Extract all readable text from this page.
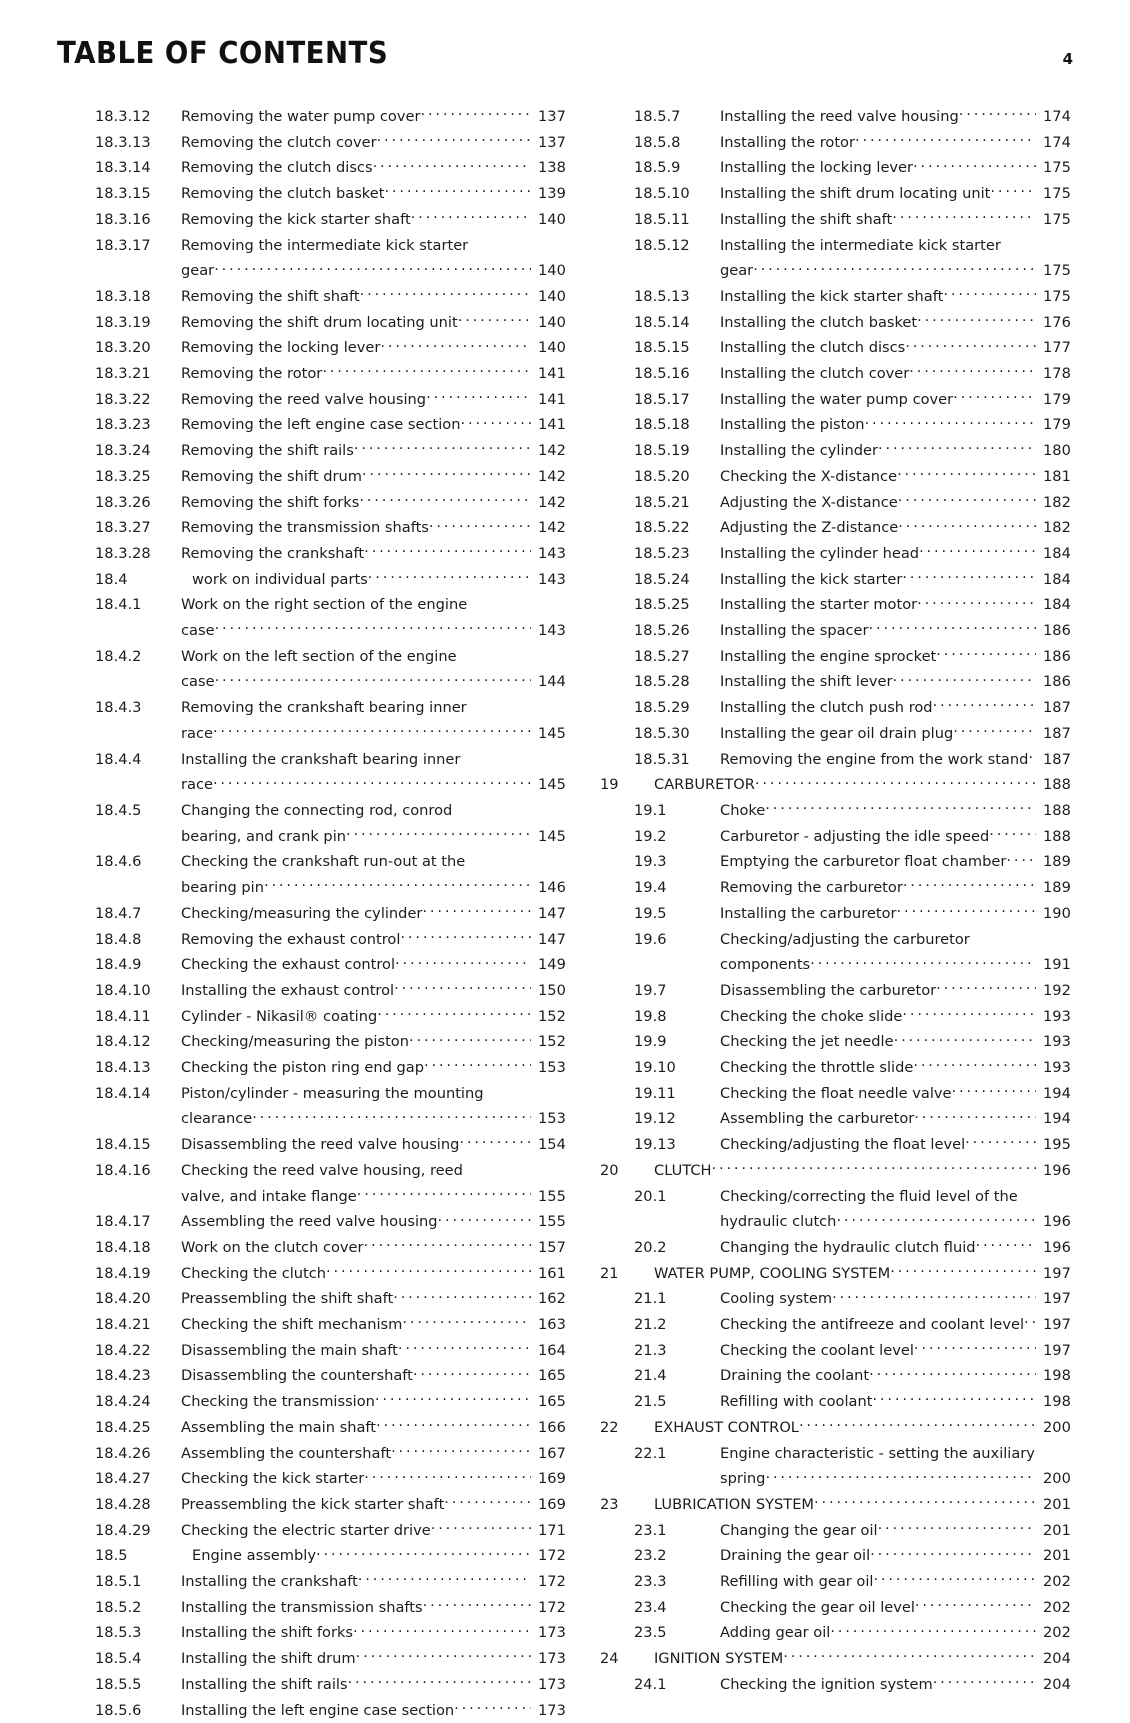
TABLE OF CONTENTS	4
18.3.12	Removing the water pump cover . . .	137
18.3.13	Removing the clutch cover . . .	137
18.3.14	Removing the clutch discs . . .	138
18.3.15	Removing the clutch basket . . .	139
18.3.16	Removing the kick starter shaft . . .	140
18.3.17	Removing the intermediate kick starter
gear . . .	140
18.3.18	Removing the shift shaft . . .	140
18.3.19	Removing the shift drum locating unit . . .	140
18.3.20	Removing the locking lever . . .	140
18.3.21	Removing the rotor . . .	141
18.3.22	Removing the reed valve housing . . .	141
18.3.23	Removing the left engine case section . . .	141
18.3.24	Removing the shift rails . . .	142
18.3.25	Removing the shift drum . . .	142
18.3.26	Removing the shift forks . . .	142
18.3.27	Removing the transmission shafts . . .	142
18.3.28	Removing the crankshaft . . .	143
18.4	work on individual parts . . .	143
18.4.1	Work on the right section of the engine
case . . .	143
18.4.2	Work on the left section of the engine
case . . .	144
18.4.3	Removing the crankshaft bearing inner
race . . .	145
18.4.4	Installing the crankshaft bearing inner
race . . .	145
18.4.5	Changing the connecting rod, conrod
bearing, and crank pin . . .	145
18.4.6	Checking the crankshaft run-out at the
bearing pin . . .	146
18.4.7	Checking/measuring the cylinder . . .	147
18.4.8	Removing the exhaust control . . .	147
18.4.9	Checking the exhaust control . . .	149
18.4.10	Installing the exhaust control . . .	150
18.4.11	Cylinder - Nikasil® coating . . .	152
18.4.12	Checking/measuring the piston . . .	152
18.4.13	Checking the piston ring end gap . . .	153
18.4.14	Piston/cylinder - measuring the mounting
clearance . . .	153
18.4.15	Disassembling the reed valve housing . . .	154
18.4.16	Checking the reed valve housing, reed
valve, and intake flange . . .	155
18.4.17	Assembling the reed valve housing . . .	155
18.4.18	Work on the clutch cover . . .	157
18.4.19	Checking the clutch . . .	161
18.4.20	Preassembling the shift shaft . . .	162
18.4.21	Checking the shift mechanism . . .	163
18.4.22	Disassembling the main shaft . . .	164
18.4.23	Disassembling the countershaft . . .	165
18.4.24	Checking the transmission . . .	165
18.4.25	Assembling the main shaft . . .	166
18.4.26	Assembling the countershaft . . .	167
18.4.27	Checking the kick starter . . .	169
18.4.28	Preassembling the kick starter shaft . . .	169
18.4.29	Checking the electric starter drive . . .	171
18.5	Engine assembly . . .	172
18.5.1	Installing the crankshaft . . .	172
18.5.2	Installing the transmission shafts . . .	172
18.5.3	Installing the shift forks . . .	173
18.5.4	Installing the shift drum . . .	173
18.5.5	Installing the shift rails . . .	173
18.5.6	Installing the left engine case section . . .	173
18.5.7	Installing the reed valve housing . . .	174
18.5.8	Installing the rotor . . .	174
18.5.9	Installing the locking lever . . .	175
18.5.10	Installing the shift drum locating unit . . .	175
18.5.11	Installing the shift shaft . . .	175
18.5.12	Installing the intermediate kick starter
gear . . .	175
18.5.13	Installing the kick starter shaft . . .	175
18.5.14	Installing the clutch basket . . .	176
18.5.15	Installing the clutch discs . . .	177
18.5.16	Installing the clutch cover . . .	178
18.5.17	Installing the water pump cover . . .	179
18.5.18	Installing the piston . . .	179
18.5.19	Installing the cylinder . . .	180
18.5.20	Checking the X-distance . . .	181
18.5.21	Adjusting the X-distance . . .	182
18.5.22	Adjusting the Z-distance . . .	182
18.5.23	Installing the cylinder head . . .	184
18.5.24	Installing the kick starter . . .	184
18.5.25	Installing the starter motor . . .	184
18.5.26	Installing the spacer . . .	186
18.5.27	Installing the engine sprocket . . .	186
18.5.28	Installing the shift lever . . .	186
18.5.29	Installing the clutch push rod . . .	187
18.5.30	Installing the gear oil drain plug . . .	187
18.5.31	Removing the engine from the work stand . . .	187
19	CARBURETOR . . .	188
19.1	Choke . . .	188
19.2	Carburetor - adjusting the idle speed . . .	188
19.3	Emptying the carburetor float chamber . . .	189
19.4	Removing the carburetor . . .	189
19.5	Installing the carburetor . . .	190
19.6	Checking/adjusting the carburetor
components . . .	191
19.7	Disassembling the carburetor . . .	192
19.8	Checking the choke slide . . .	193
19.9	Checking the jet needle . . .	193
19.10	Checking the throttle slide . . .	193
19.11	Checking the float needle valve . . .	194
19.12	Assembling the carburetor . . .	194
19.13	Checking/adjusting the float level . . .	195
20	CLUTCH . . .	196
20.1	Checking/correcting the fluid level of the
hydraulic clutch . . .	196
20.2	Changing the hydraulic clutch fluid . . .	196
21	WATER PUMP, COOLING SYSTEM . . .	197
21.1	Cooling system . . .	197
21.2	Checking the antifreeze and coolant level . . .	197
21.3	Checking the coolant level . . .	197
21.4	Draining the coolant . . .	198
21.5	Refilling with coolant . . .	198
22	EXHAUST CONTROL . . .	200
22.1	Engine characteristic - setting the auxiliary
spring . . .	200
23	LUBRICATION SYSTEM . . .	201
23.1	Changing the gear oil . . .	201
23.2	Draining the gear oil . . .	201
23.3	Refilling with gear oil . . .	202
23.4	Checking the gear oil level . . .	202
23.5	Adding gear oil . . .	202
24	IGNITION SYSTEM . . .	204
24.1	Checking the ignition system . . .	204
